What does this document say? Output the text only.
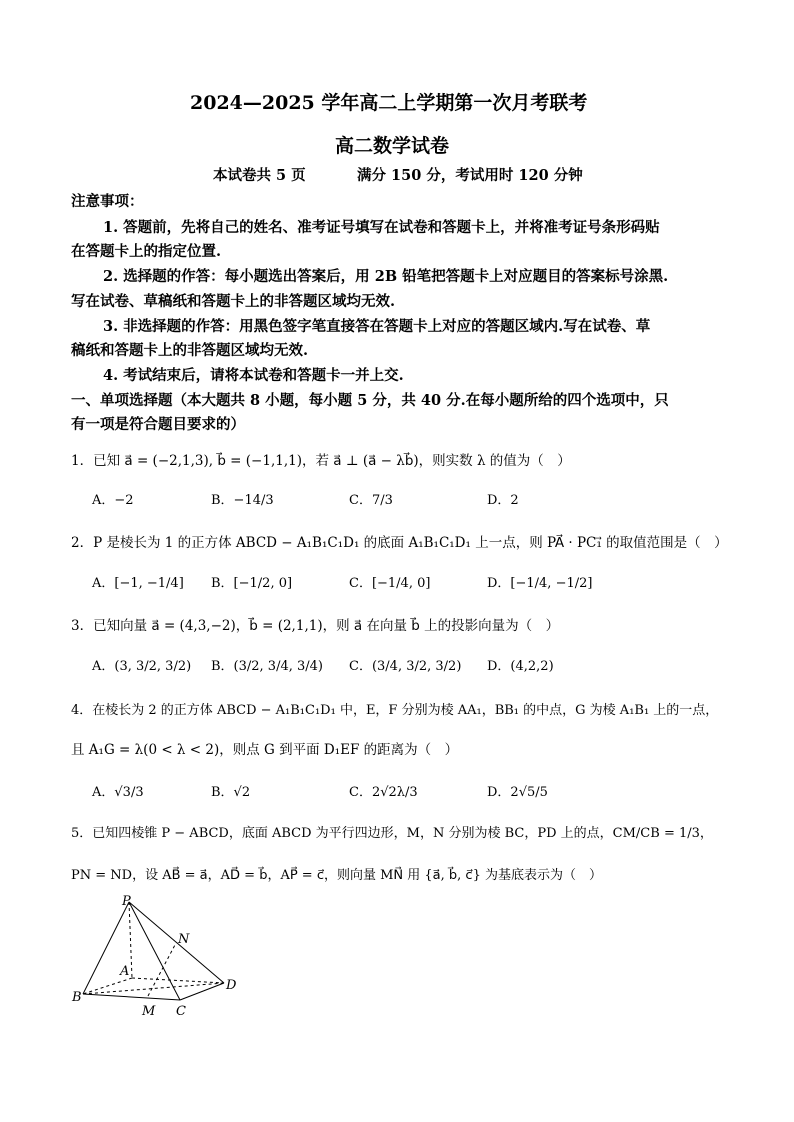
2024—2025 学年高二上学期第一次月考联考
高二数学试卷
本试卷共 5 页	满分 150 分，考试用时 120 分钟
注意事项：
1. 答题前，先将自己的姓名、准考证号填写在试卷和答题卡上，并将准考证号条形码贴
在答题卡上的指定位置.
2. 选择题的作答：每小题选出答案后，用 2B 铅笔把答题卡上对应题目的答案标号涂黑.
写在试卷、草稿纸和答题卡上的非答题区域均无效.
3. 非选择题的作答：用黑色签字笔直接答在答题卡上对应的答题区域内.写在试卷、草
稿纸和答题卡上的非答题区域均无效.
4. 考试结束后，请将本试卷和答题卡一并上交.
一、单项选择题（本大题共 8 小题，每小题 5 分，共 40 分.在每小题所给的四个选项中，只
有一项是符合题目要求的）
1．已知 a⃗ = (−2,1,3), b⃗ = (−1,1,1)，若 a⃗ ⊥ (a⃗ − λb⃗)，则实数 λ 的值为（　）
A．−2	B．−14/3	C．7/3	D．2
2．P 是棱长为 1 的正方体 ABCD − A₁B₁C₁D₁ 的底面 A₁B₁C₁D₁ 上一点，则 PA⃗ · PC₁⃗ 的取值范围是（　）
A．[−1, −1/4] B．[−1/2, 0]	C．[−1/4, 0]	D．[−1/4, −1/2]
3．已知向量 a⃗ = (4,3,−2)，b⃗ = (2,1,1)，则 a⃗ 在向量 b⃗ 上的投影向量为（　）
A．(3, 3/2, 3/2) B．(3/2, 3/4, 3/4) C．(3/4, 3/2, 3/2) D．(4,2,2)
4．在棱长为 2 的正方体 ABCD − A₁B₁C₁D₁ 中，E，F 分别为棱 AA₁，BB₁ 的中点，G 为棱 A₁B₁ 上的一点，
且 A₁G = λ(0 < λ < 2)，则点 G 到平面 D₁EF 的距离为（　）
A．√3/3	B．√2	C．2√2λ/3	D．2√5/5
5．已知四棱锥 P − ABCD，底面 ABCD 为平行四边形，M，N 分别为棱 BC，PD 上的点，CM/CB = 1/3，
PN = ND，设 AB⃗ = a⃗，AD⃗ = b⃗，AP⃗ = c⃗，则向量 MN⃗ 用 {a⃗, b⃗, c⃗} 为基底表示为（　）
P
N
A
B
M C
D
